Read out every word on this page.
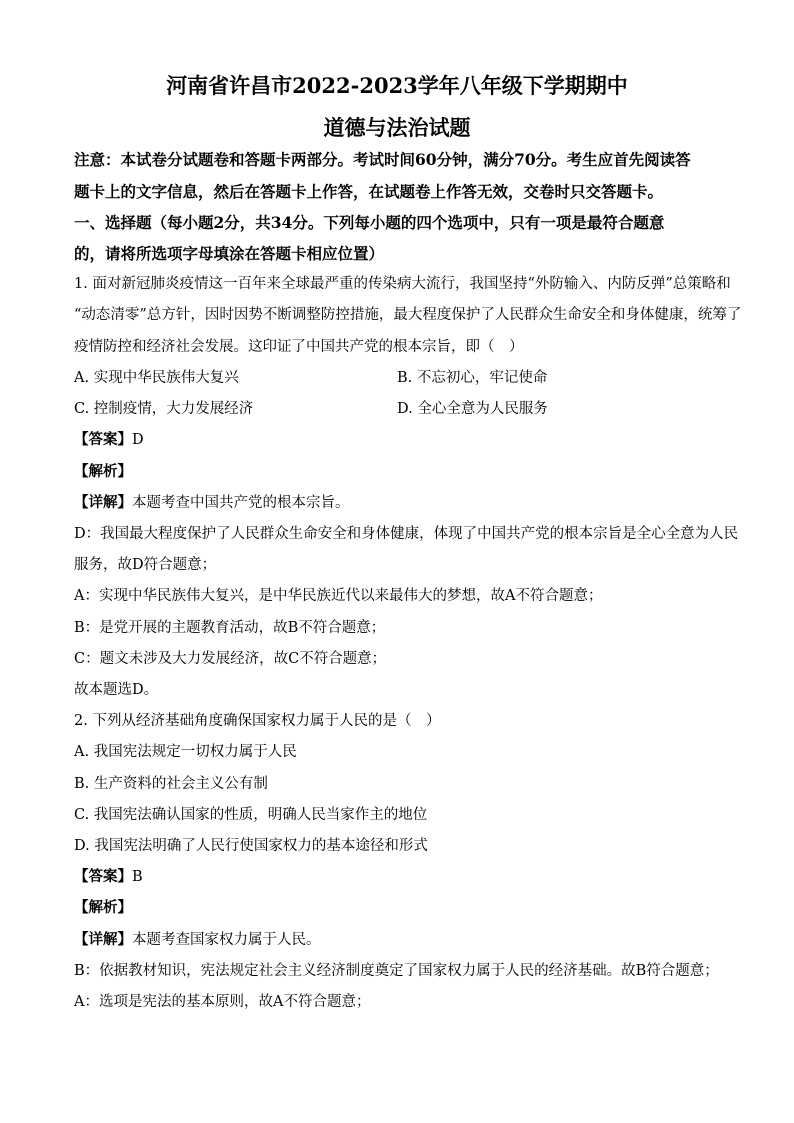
河南省许昌市2022-2023学年八年级下学期期中
道德与法治试题
注意：本试卷分试题卷和答题卡两部分。考试时间60分钟，满分70分。考生应首先阅读答
题卡上的文字信息，然后在答题卡上作答，在试题卷上作答无效，交卷时只交答题卡。
一、选择题（每小题2分，共34分。下列每小题的四个选项中，只有一项是最符合题意
的，请将所选项字母填涂在答题卡相应位置）
1. 面对新冠肺炎疫情这一百年来全球最严重的传染病大流行，我国坚持“外防输入、内防反弹”总策略和
“动态清零”总方针，因时因势不断调整防控措施，最大程度保护了人民群众生命安全和身体健康，统筹了
疫情防控和经济社会发展。这印证了中国共产党的根本宗旨，即（　）
A. 实现中华民族伟大复兴	B. 不忘初心，牢记使命
C. 控制疫情，大力发展经济	D. 全心全意为人民服务
【答案】D
【解析】
【详解】本题考查中国共产党的根本宗旨。
D：我国最大程度保护了人民群众生命安全和身体健康，体现了中国共产党的根本宗旨是全心全意为人民
服务，故D符合题意；
A：实现中华民族伟大复兴，是中华民族近代以来最伟大的梦想，故A不符合题意；
B：是党开展的主题教育活动，故B不符合题意；
C：题文未涉及大力发展经济，故C不符合题意；
故本题选D。
2. 下列从经济基础角度确保国家权力属于人民的是（　）
A. 我国宪法规定一切权力属于人民
B. 生产资料的社会主义公有制
C. 我国宪法确认国家的性质，明确人民当家作主的地位
D. 我国宪法明确了人民行使国家权力的基本途径和形式
【答案】B
【解析】
【详解】本题考查国家权力属于人民。
B：依据教材知识，宪法规定社会主义经济制度奠定了国家权力属于人民的经济基础。故B符合题意；
A：选项是宪法的基本原则，故A不符合题意；
